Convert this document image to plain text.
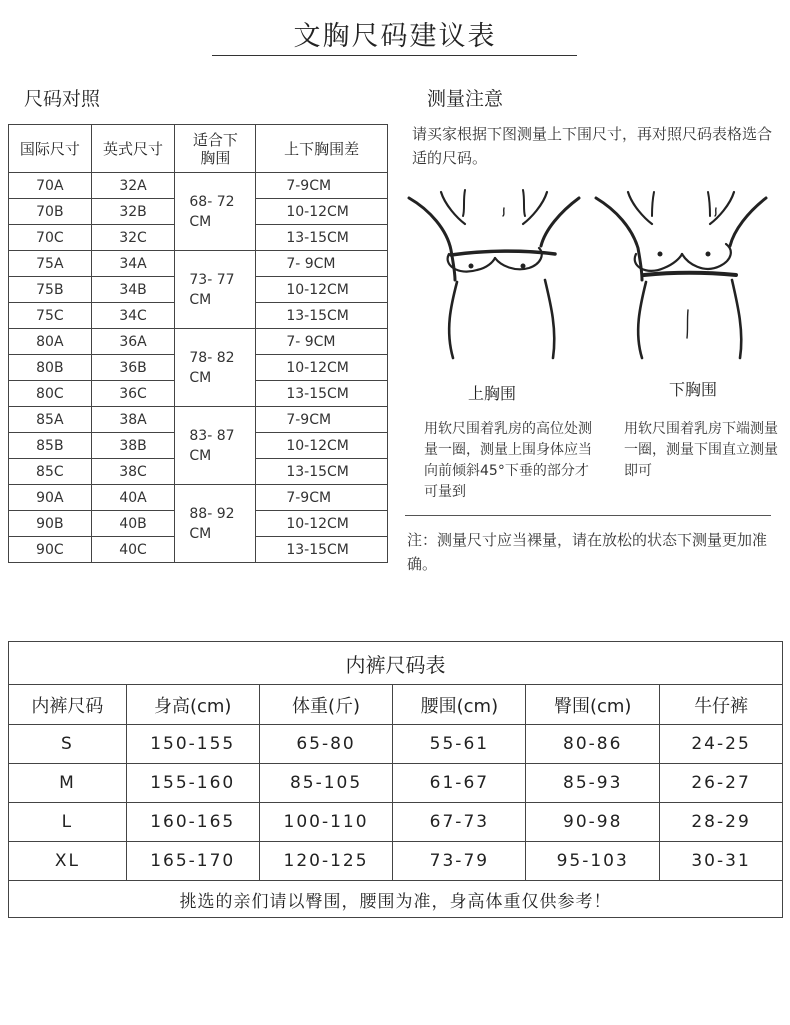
文胸尺码建议表
尺码对照	测量注意
国际尺寸	英式尺寸	适合下胸围	上下胸围差
70A	32A	68- 72 CM	7-9CM
70B	32B		10-12CM
70C	32C		13-15CM
75A	34A	73- 77 CM	7- 9CM
75B	34B		10-12CM
75C	34C		13-15CM
80A	36A	78- 82 CM	7- 9CM
80B	36B		10-12CM
80C	36C		13-15CM
85A	38A	83- 87 CM	7-9CM
85B	38B		10-12CM
85C	38C		13-15CM
90A	40A	88- 92 CM	7-9CM
90B	40B		10-12CM
90C	40C		13-15CM
请买家根据下图测量上下围尺寸，再对照尺码表格选合适的尺码。
上胸围	下胸围
用软尺围着乳房的高位处测量一圈，测量上围身体应当向前倾斜45°下垂的部分才可量到
用软尺围着乳房下端测量一圈，测量下围直立测量即可
注：测量尺寸应当裸量，请在放松的状态下测量更加准确。
内裤尺码表					
内裤尺码	身高(cm)	体重(斤)	腰围(cm)	臀围(cm)	牛仔裤
S	150-155	65-80	55-61	80-86	24-25
M	155-160	85-105	61-67	85-93	26-27
L	160-165	100-110	67-73	90-98	28-29
XL	165-170	120-125	73-79	95-103	30-31
挑选的亲们请以臀围，腰围为准，身高体重仅供参考！					
